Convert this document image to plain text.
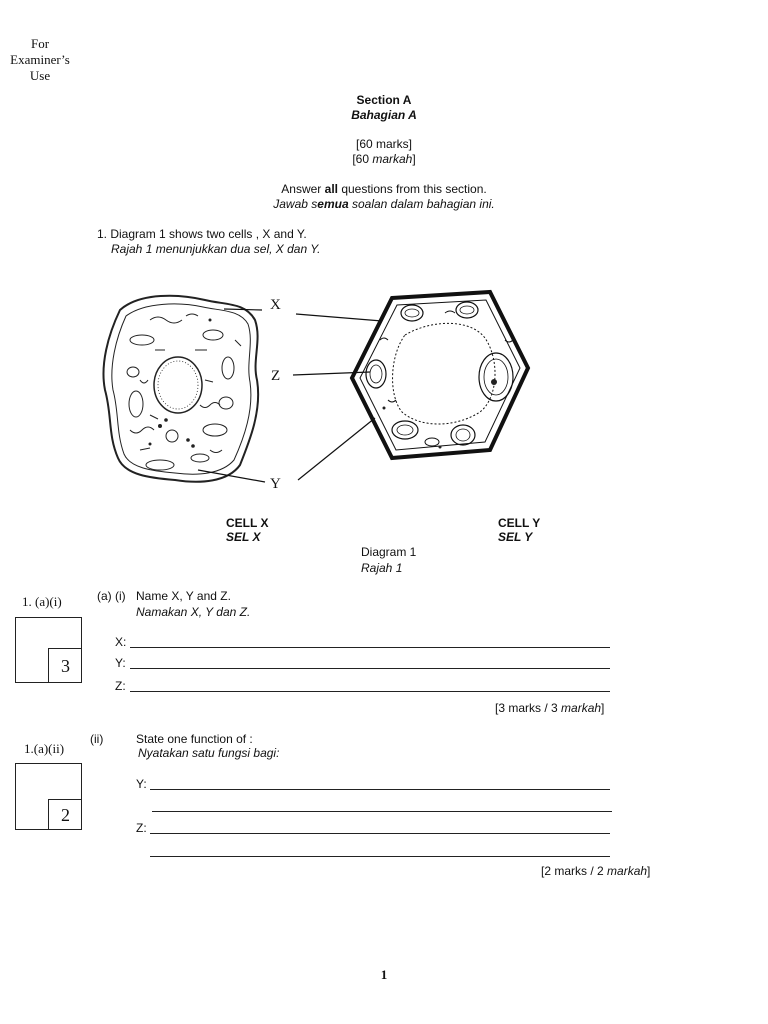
For
Examiner’s
Use
Section A
Bahagian A
[60 marks]
[60 markah]
Answer all questions from this section.
Jawab semua soalan dalam bahagian ini.
1. Diagram 1 shows two cells , X and Y.
Rajah 1 menunjukkan dua sel, X dan Y.
X
Z
Y
CELL X
SEL X
CELL Y
SEL Y
Diagram 1
Rajah 1
1. (a)(i)
3
(a) (i) Name X, Y and Z.
Namakan X, Y dan Z.
X:
Y:
Z:
[3 marks / 3 markah]
1.(a)(ii)
2
(ii)	State one function of :
Nyatakan satu fungsi bagi:
Y:
Z:
[2 marks / 2 markah]
1
